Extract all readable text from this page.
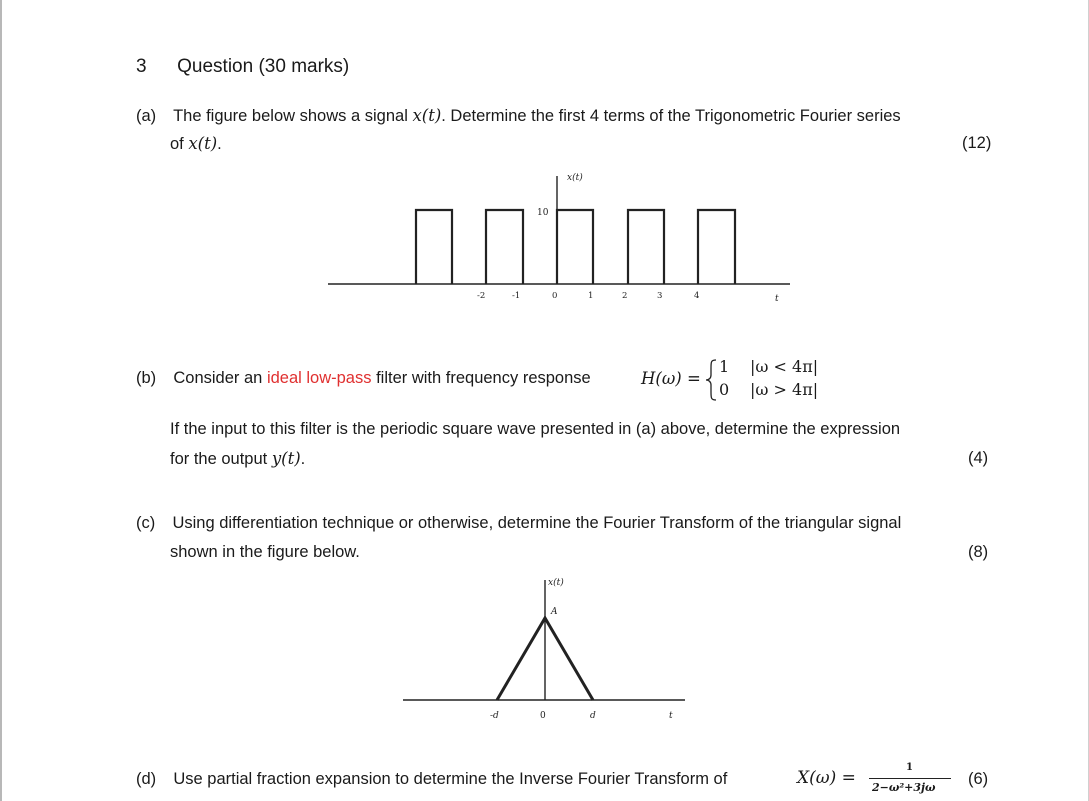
3 Question (30 marks)
(a) The figure below shows a signal x(t). Determine the first 4 terms of the Trigonometric Fourier series
of x(t).	(12)
x(t)
10
t
-2	-1	0	1	2	3	4
(b) Consider an ideal low-pass filter with frequency response	H(ω) =
1 |ω < 4π|
0 |ω > 4π|
If the input to this filter is the periodic square wave presented in (a) above, determine the expression
for the output y(t).	(4)
(c) Using differentiation technique or otherwise, determine the Fourier Transform of the triangular signal
shown in the figure below.	(8)
x(t)
A
t
-d	0	d
(d) Use partial fraction expansion to determine the Inverse Fourier Transform of	X(ω) =
1
2−ω²+3jω (6)
